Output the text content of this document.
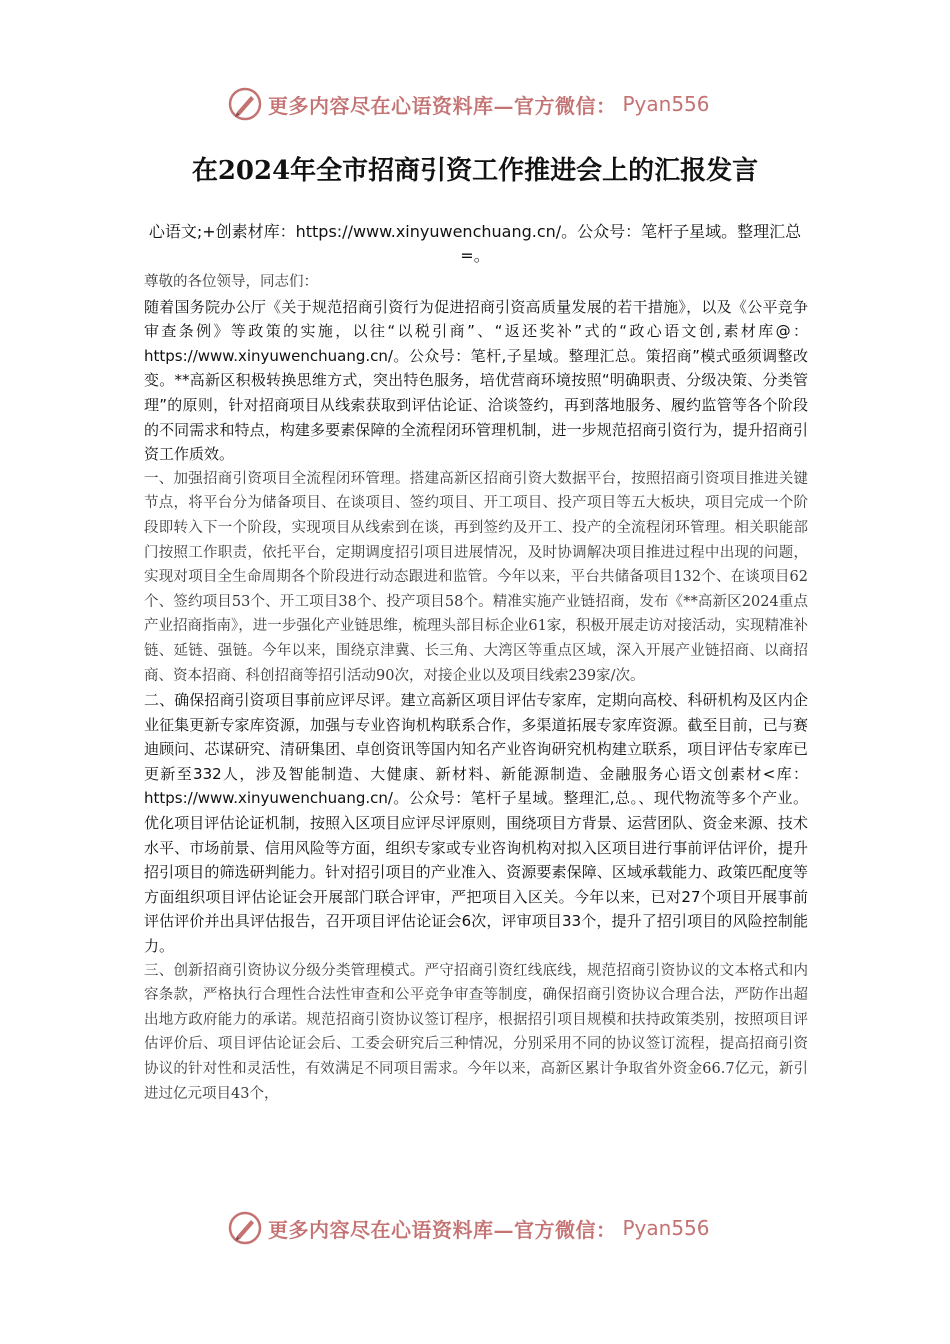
更多内容尽在心语资料库—官方微信： Pyan556
在2024年全市招商引资工作推进会上的汇报发言
心语文;+创素材库：https://www.xinyuwenchuang.cn/。公众号：笔杆子星域。整理汇总=。

尊敬的各位领导，同志们：

随着国务院办公厅《关于规范招商引资行为促进招商引资高质量发展的若干措施》，以及《公平竞争审查条例》等政策的实施，以往“以税引商”、“返还奖补”式的“政心语文创,素材库@：https://www.xinyuwenchuang.cn/。公众号：笔杆,子星域。整理汇总。策招商”模式亟须调整改变。**高新区积极转换思维方式，突出特色服务，培优营商环境按照“明确职责、分级决策、分类管理”的原则，针对招商项目从线索获取到评估论证、洽谈签约，再到落地服务、履约监管等各个阶段的不同需求和特点，构建多要素保障的全流程闭环管理机制，进一步规范招商引资行为，提升招商引资工作质效。

一、加强招商引资项目全流程闭环管理。搭建高新区招商引资大数据平台，按照招商引资项目推进关键节点，将平台分为储备项目、在谈项目、签约项目、开工项目、投产项目等五大板块，项目完成一个阶段即转入下一个阶段，实现项目从线索到在谈，再到签约及开工、投产的全流程闭环管理。相关职能部门按照工作职责，依托平台，定期调度招引项目进展情况，及时协调解决项目推进过程中出现的问题，实现对项目全生命周期各个阶段进行动态跟进和监管。今年以来，平台共储备项目132个、在谈项目62个、签约项目53个、开工项目38个、投产项目58个。精准实施产业链招商，发布《**高新区2024重点产业招商指南》，进一步强化产业链思维，梳理头部目标企业61家，积极开展走访对接活动，实现精准补链、延链、强链。今年以来，围绕京津冀、长三角、大湾区等重点区域，深入开展产业链招商、以商招商、资本招商、科创招商等招引活动90次，对接企业以及项目线索239家/次。

二、确保招商引资项目事前应评尽评。建立高新区项目评估专家库，定期向高校、科研机构及区内企业征集更新专家库资源，加强与专业咨询机构联系合作，多渠道拓展专家库资源。截至目前，已与赛迪顾问、芯谋研究、清研集团、卓创资讯等国内知名产业咨询研究机构建立联系，项目评估专家库已更新至332人，涉及智能制造、大健康、新材料、新能源制造、金融服务心语文创素材<库：https://www.xinyuwenchuang.cn/。公众号：笔杆子星域。整理汇,总。、现代物流等多个产业。优化项目评估论证机制，按照入区项目应评尽评原则，围绕项目方背景、运营团队、资金来源、技术水平、市场前景、信用风险等方面，组织专家或专业咨询机构对拟入区项目进行事前评估评价，提升招引项目的筛选研判能力。针对招引项目的产业准入、资源要素保障、区域承载能力、政策匹配度等方面组织项目评估论证会开展部门联合评审，严把项目入区关。今年以来，已对27个项目开展事前评估评价并出具评估报告，召开项目评估论证会6次，评审项目33个，提升了招引项目的风险控制能力。

三、创新招商引资协议分级分类管理模式。严守招商引资红线底线，规范招商引资协议的文本格式和内容条款，严格执行合理性合法性审查和公平竞争审查等制度，确保招商引资协议合理合法，严防作出超出地方政府能力的承诺。规范招商引资协议签订程序，根据招引项目规模和扶持政策类别，按照项目评估评价后、项目评估论证会后、工委会研究后三种情况，分别采用不同的协议签订流程，提高招商引资协议的针对性和灵活性，有效满足不同项目需求。今年以来，高新区累计争取省外资金66.7亿元，新引进过亿元项目43个，

更多内容尽在心语资料库—官方微信： Pyan556
